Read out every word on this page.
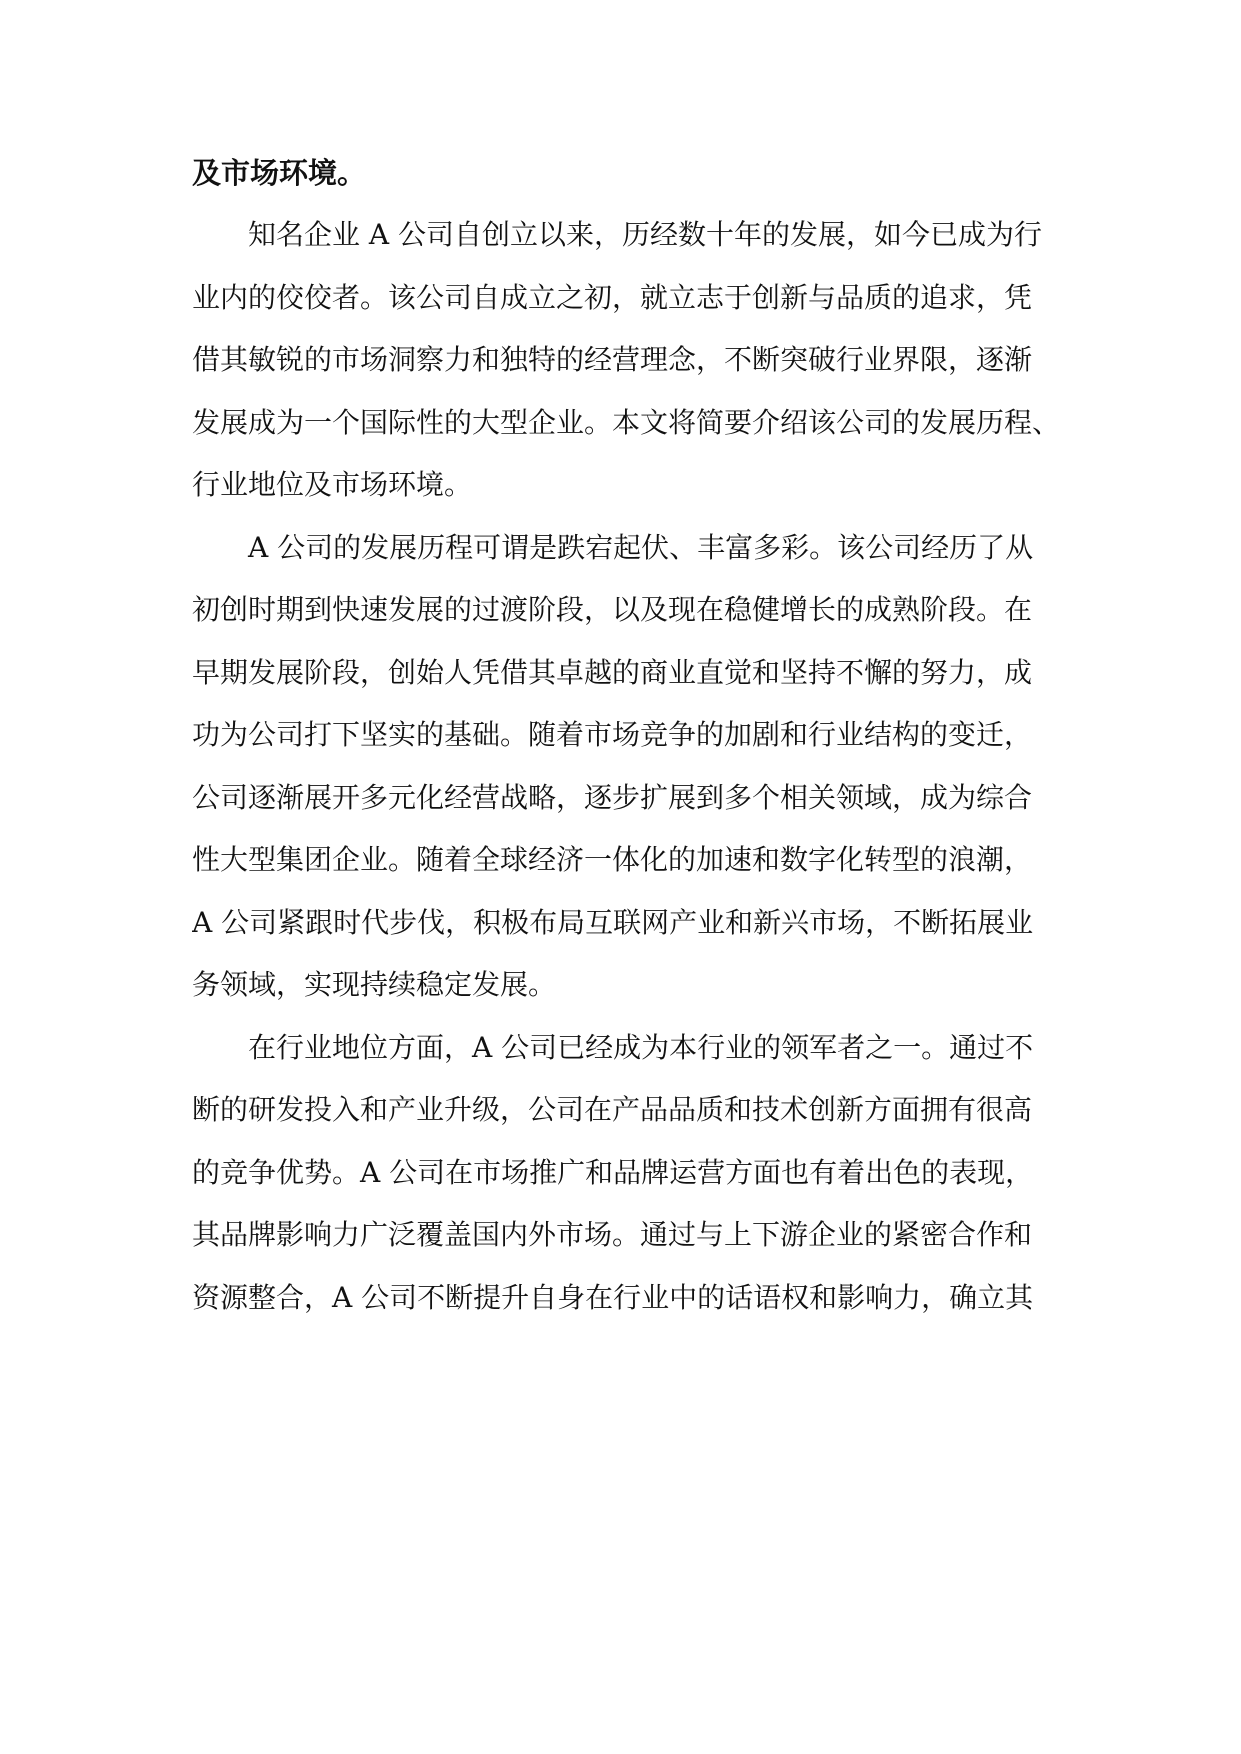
及市场环境。

知名企业 A 公司自创立以来，历经数十年的发展，如今已成为行
业内的佼佼者。该公司自成立之初，就立志于创新与品质的追求，凭
借其敏锐的市场洞察力和独特的经营理念，不断突破行业界限，逐渐
发展成为一个国际性的大型企业。本文将简要介绍该公司的发展历程、
行业地位及市场环境。

A 公司的发展历程可谓是跌宕起伏、丰富多彩。该公司经历了从
初创时期到快速发展的过渡阶段，以及现在稳健增长的成熟阶段。在
早期发展阶段，创始人凭借其卓越的商业直觉和坚持不懈的努力，成
功为公司打下坚实的基础。随着市场竞争的加剧和行业结构的变迁，
公司逐渐展开多元化经营战略，逐步扩展到多个相关领域，成为综合
性大型集团企业。随着全球经济一体化的加速和数字化转型的浪潮，
A 公司紧跟时代步伐，积极布局互联网产业和新兴市场，不断拓展业
务领域，实现持续稳定发展。

在行业地位方面，A 公司已经成为本行业的领军者之一。通过不
断的研发投入和产业升级，公司在产品品质和技术创新方面拥有很高
的竞争优势。A 公司在市场推广和品牌运营方面也有着出色的表现，
其品牌影响力广泛覆盖国内外市场。通过与上下游企业的紧密合作和
资源整合，A 公司不断提升自身在行业中的话语权和影响力，确立其
